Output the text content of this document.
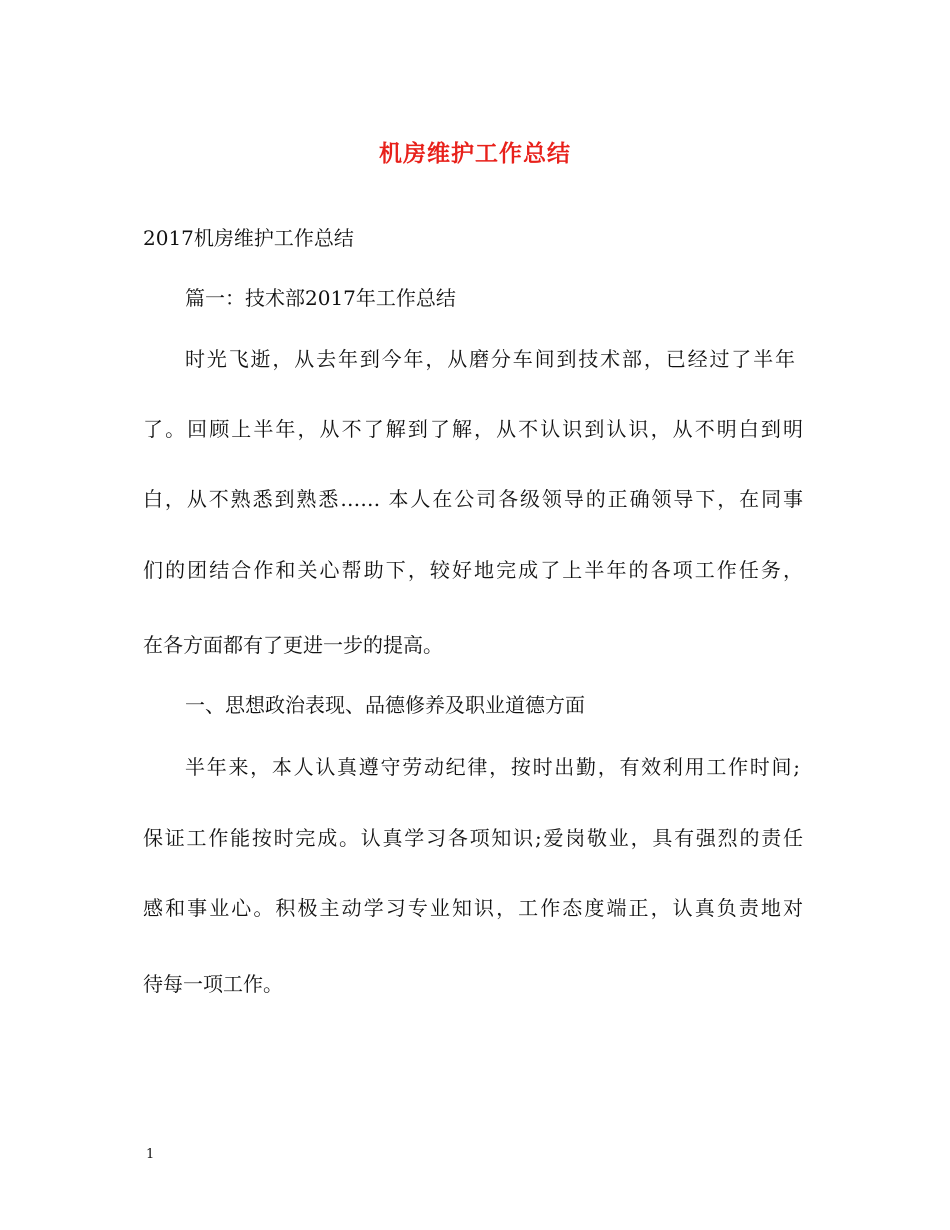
机房维护工作总结

2017机房维护工作总结

篇一：技术部2017年工作总结

时光飞逝，从去年到今年，从磨分车间到技术部，已经过了半年

了。回顾上半年，从不了解到了解，从不认识到认识，从不明白到明

白，从不熟悉到熟悉…… 本人在公司各级领导的正确领导下，在同事

们的团结合作和关心帮助下，较好地完成了上半年的各项工作任务，

在各方面都有了更进一步的提高。

一、思想政治表现、品德修养及职业道德方面

半年来，本人认真遵守劳动纪律，按时出勤，有效利用工作时间;

保证工作能按时完成。认真学习各项知识;爱岗敬业，具有强烈的责任

感和事业心。积极主动学习专业知识，工作态度端正，认真负责地对

待每一项工作。

1
